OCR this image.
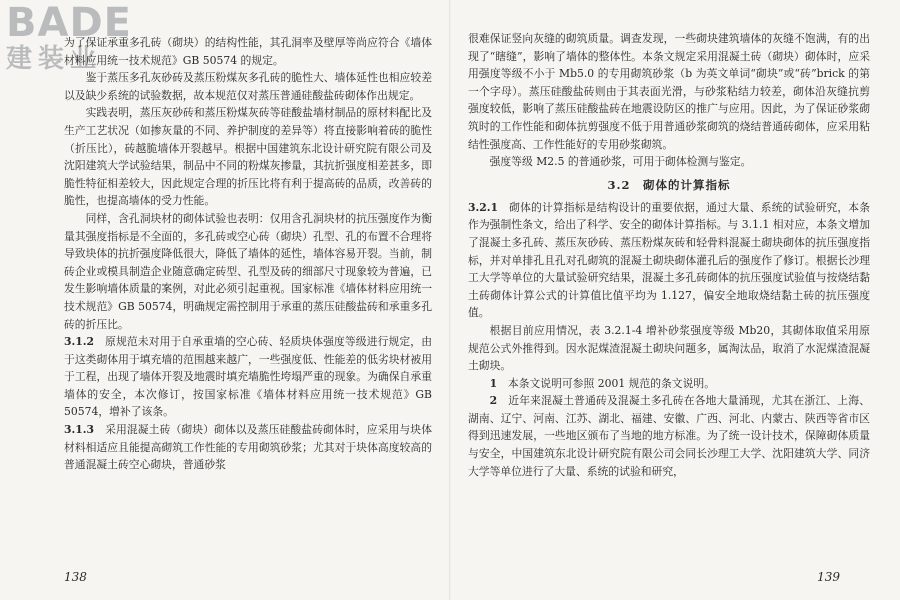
BADE
建装业

为了保证承重多孔砖（砌块）的结构性能，其孔洞率及壁厚等尚应符合《墙体材料应用统一技术规范》GB 50574 的规定。

鉴于蒸压多孔灰砂砖及蒸压粉煤灰多孔砖的脆性大、墙体延性也相应较差以及缺少系统的试验数据，故本规范仅对蒸压普通硅酸盐砖砌体作出规定。

实践表明，蒸压灰砂砖和蒸压粉煤灰砖等硅酸盐墙材制品的原材料配比及生产工艺状况（如掺灰量的不同、养护制度的差异等）将直接影响着砖的脆性（折压比），砖越脆墙体开裂越早。根据中国建筑东北设计研究院有限公司及沈阳建筑大学试验结果，制品中不同的粉煤灰掺量，其抗折强度相差甚多，即脆性特征相差较大，因此规定合理的折压比将有利于提高砖的品质，改善砖的脆性，也提高墙体的受力性能。

同样，含孔洞块材的砌体试验也表明：仅用含孔洞块材的抗压强度作为衡量其强度指标是不全面的，多孔砖或空心砖（砌块）孔型、孔的布置不合理将导致块体的抗折强度降低很大，降低了墙体的延性，墙体容易开裂。当前，制砖企业或模具制造企业随意确定砖型、孔型及砖的细部尺寸现象较为普遍，已发生影响墙体质量的案例，对此必须引起重视。国家标准《墙体材料应用统一技术规范》GB 50574，明确规定需控制用于承重的蒸压硅酸盐砖和承重多孔砖的折压比。

3.1.2　 原规范未对用于自承重墙的空心砖、轻质块体强度等级进行规定，由于这类砌体用于填充墙的范围越来越广，一些强度低、性能差的低劣块材被用于工程，出现了墙体开裂及地震时填充墙脆性垮塌严重的现象。为确保自承重墙体的安全，本次修订，按国家标准《墙体材料应用统一技术规范》GB 50574，增补了该条。

3.1.3　 采用混凝土砖（砌块）砌体以及蒸压硅酸盐砖砌体时，应采用与块体材料相适应且能提高砌筑工作性能的专用砌筑砂浆；尤其对于块体高度较高的普通混凝土砖空心砌块，普通砂浆

138

很难保证竖向灰缝的砌筑质量。调查发现，一些砌块建筑墙体的灰缝不饱满，有的出现了“瞎缝”，影响了墙体的整体性。本条文规定采用混凝土砖（砌块）砌体时，应采用强度等级不小于 Mb5.0 的专用砌筑砂浆（b 为英文单词“砌块”或“砖”brick 的第一个字母）。蒸压硅酸盐砖则由于其表面光滑，与砂浆粘结力较差，砌体沿灰缝抗剪强度较低，影响了蒸压硅酸盐砖在地震设防区的推广与应用。因此，为了保证砂浆砌筑时的工作性能和砌体抗剪强度不低于用普通砂浆砌筑的烧结普通砖砌体，应采用粘结性强度高、工作性能好的专用砂浆砌筑。

强度等级 M2.5 的普通砂浆，可用于砌体检测与鉴定。

3.2　砌体的计算指标

3.2.1　 砌体的计算指标是结构设计的重要依据，通过大量、系统的试验研究，本条作为强制性条文，给出了科学、安全的砌体计算指标。与 3.1.1 相对应，本条文增加了混凝土多孔砖、蒸压灰砂砖、蒸压粉煤灰砖和轻骨料混凝土砌块砌体的抗压强度指标，并对单排孔且孔对孔砌筑的混凝土砌块砌体灌孔后的强度作了修订。根据长沙理工大学等单位的大量试验研究结果，混凝土多孔砖砌体的抗压强度试验值与按烧结黏土砖砌体计算公式的计算值比值平均为 1.127，偏安全地取烧结黏土砖的抗压强度值。

根据目前应用情况，表 3.2.1-4 增补砂浆强度等级 Mb20，其砌体取值采用原规范公式外推得到。因水泥煤渣混凝土砌块问题多，属淘汰品，取消了水泥煤渣混凝土砌块。

1　 本条文说明可参照 2001 规范的条文说明。

2　 近年来混凝土普通砖及混凝土多孔砖在各地大量涌现，尤其在浙江、上海、湖南、辽宁、河南、江苏、湖北、福建、安徽、广西、河北、内蒙古、陕西等省市区得到迅速发展，一些地区颁布了当地的地方标准。为了统一设计技术，保障砌体质量与安全，中国建筑东北设计研究院有限公司会同长沙理工大学、沈阳建筑大学、同济大学等单位进行了大量、系统的试验和研究，

139
